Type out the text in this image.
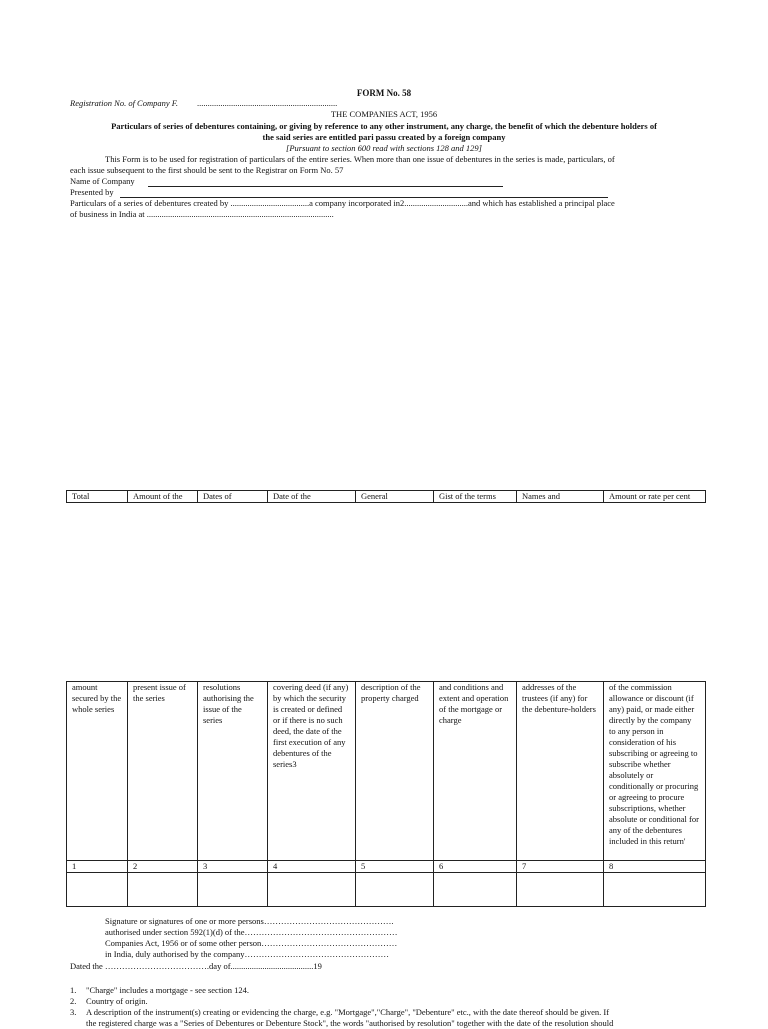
FORM No. 58
Registration No. of Company F. ..................................................................
THE COMPANIES ACT, 1956
Particulars of series of debentures containing, or giving by reference to any other instrument, any charge, the benefit of which the debenture holders of
the said series are entitled pari passu created by a foreign company
[Pursuant to section 600 read with sections 128 and 129]
This Form is to be used for registration of particulars of the entire series. When more than one issue of debentures in the series is made, particulars, of
each issue subsequent to the first should be sent to the Registrar on Form No. 57
Name of Company
Presented by
Particulars of a series of debentures created by .....................................a company incorporated in2..............................and which has established a principal place
of business in India at ........................................................................................
Total	Amount of the	Dates of	Date of the	General	Gist of the terms	Names and	Amount or rate per cent
amount secured by the whole series	present issue of the series	resolutions authorising the issue of the series	covering deed (if any) by which the security is created or defined or if there is no such deed, the date of the first execution of any debentures of the series3	description of the property charged	and conditions and extent and operation of the mortgage or charge	addresses of the trustees (if any) for the debenture-holders	of the commission allowance or discount (if any) paid, or made either directly by the company to any person in consideration of his subscribing or agreeing to subscribe whether absolutely or conditionally or procuring or agreeing to procure subscriptions, whether absolute or conditional for any of the debentures included in this return'
1	2	3	4	5	6	7	8

Signature or signatures of one or more persons……………………………………….
authorised under section 592(1)(d) of the………………………………………………
Companies Act, 1956 or of some other person…………………………………………
in India, duly authorised by the company……………………………………………
Dated the ……………………………….day of.......................................19
1. "Charge" includes a mortgage - see section 124.
2. Country of origin.
3. A description of the instrument(s) creating or evidencing the charge, e.g. "Mortgage","Charge", "Debenture" etc., with the date thereof should be given. If
the registered charge was a "Series of Debentures or Debenture Stock", the words "authorised by resolution" together with the date of the resolution should
